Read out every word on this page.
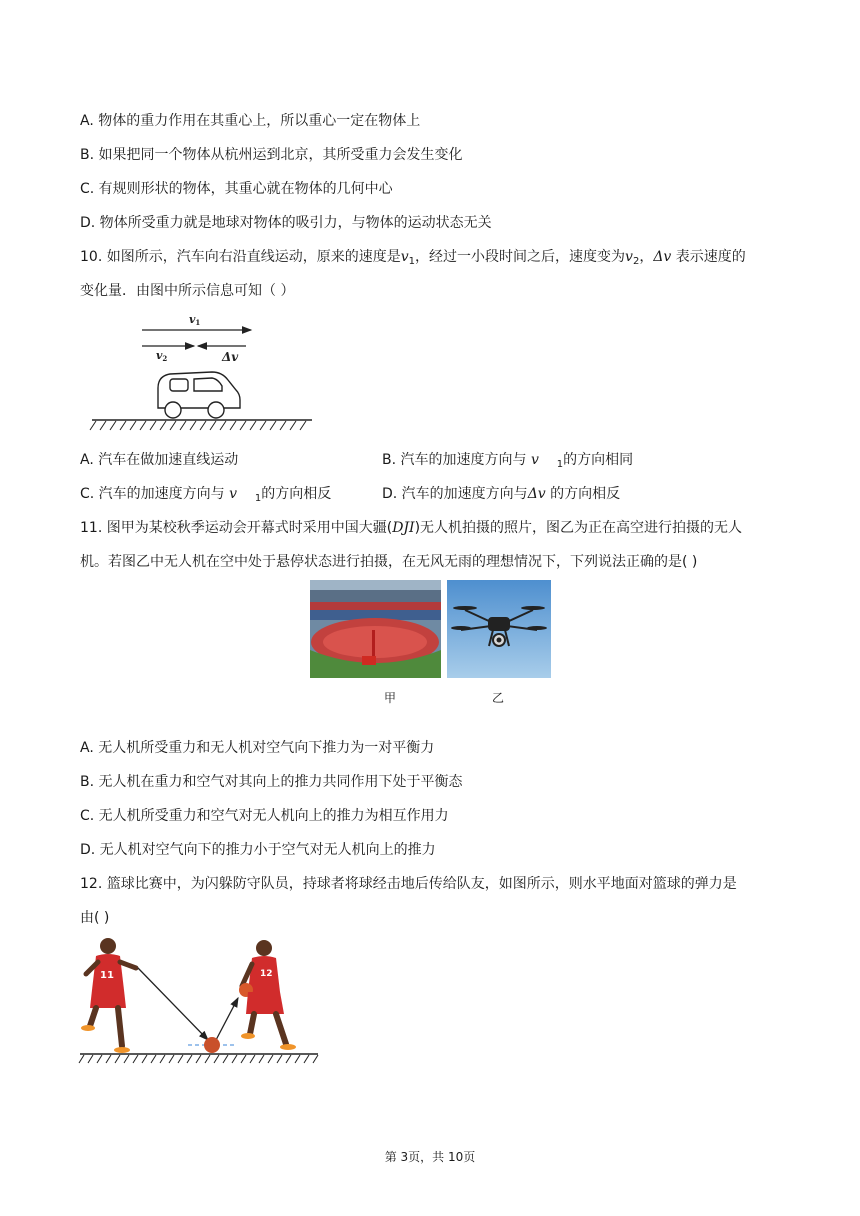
A. 物体的重力作用在其重心上，所以重心一定在物体上
B. 如果把同一个物体从杭州运到北京，其所受重力会发生变化
C. 有规则形状的物体，其重心就在物体的几何中心
D. 物体所受重力就是地球对物体的吸引力，与物体的运动状态无关
10. 如图所示，汽车向右沿直线运动，原来的速度是$v_1$，经过一小段时间之后，速度变为$v_2$，Δv 表示速度的
变化量．由图中所示信息可知（ ）
v1
v2	Δv
A. 汽车在做加速直线运动	B. 汽车的加速度方向与 v $_1$的方向相同
C. 汽车的加速度方向与 v $_1$的方向相反	D. 汽车的加速度方向与Δv 的方向相反
11. 图甲为某校秋季运动会开幕式时采用中国大疆(DJI)无人机拍摄的照片，图乙为正在高空进行拍摄的无人
机。若图乙中无人机在空中处于悬停状态进行拍摄，在无风无雨的理想情况下，下列说法正确的是( )
甲	乙
A. 无人机所受重力和无人机对空气向下推力为一对平衡力
B. 无人机在重力和空气对其向上的推力共同作用下处于平衡态
C. 无人机所受重力和空气对无人机向上的推力为相互作用力
D. 无人机对空气向下的推力小于空气对无人机向上的推力
12. 篮球比赛中，为闪躲防守队员，持球者将球经击地后传给队友，如图所示，则水平地面对篮球的弹力是
由( )
11	12
第 3页，共 10页
